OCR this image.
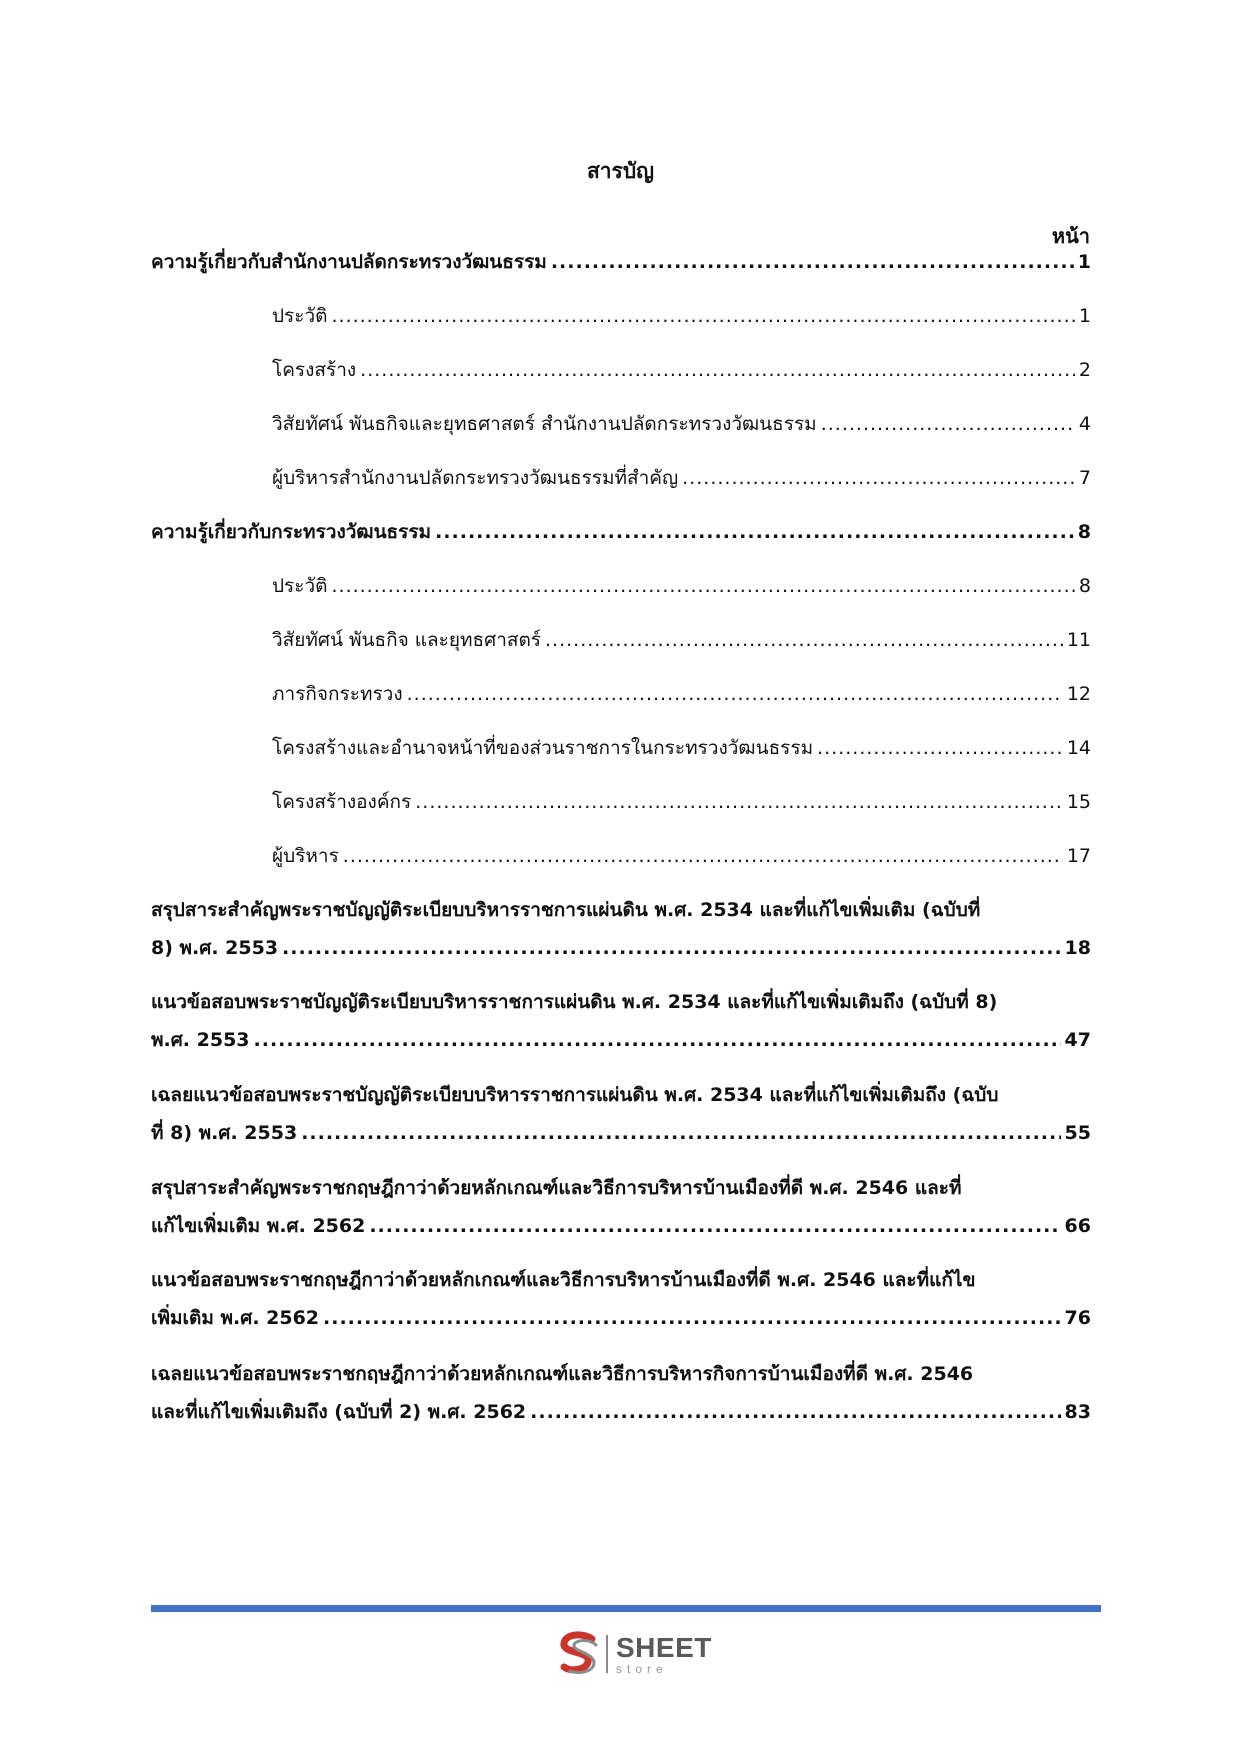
สารบัญ
หน้า
ความรู้เกี่ยวกับสำนักงานปลัดกระทรวงวัฒนธรรม .....	1
ประวัติ .....	1
โครงสร้าง .....	2
วิสัยทัศน์ พันธกิจและยุทธศาสตร์ สำนักงานปลัดกระทรวงวัฒนธรรม .....	4
ผู้บริหารสำนักงานปลัดกระทรวงวัฒนธรรมที่สำคัญ .....	7
ความรู้เกี่ยวกับกระทรวงวัฒนธรรม .....	8
ประวัติ .....	8
วิสัยทัศน์ พันธกิจ และยุทธศาสตร์ .....	11
ภารกิจกระทรวง .....	12
โครงสร้างและอำนาจหน้าที่ของส่วนราชการในกระทรวงวัฒนธรรม .....	14
โครงสร้างองค์กร .....	15
ผู้บริหาร .....	17
สรุปสาระสำคัญพระราชบัญญัติระเบียบบริหารราชการแผ่นดิน พ.ศ. 2534 และที่แก้ไขเพิ่มเติม (ฉบับที่
8) พ.ศ. 2553 .....	18
แนวข้อสอบพระราชบัญญัติระเบียบบริหารราชการแผ่นดิน พ.ศ. 2534 และที่แก้ไขเพิ่มเติมถึง (ฉบับที่ 8)
พ.ศ. 2553 .....	47
เฉลยแนวข้อสอบพระราชบัญญัติระเบียบบริหารราชการแผ่นดิน พ.ศ. 2534 และที่แก้ไขเพิ่มเติมถึง (ฉบับ
ที่ 8) พ.ศ. 2553 .....	55
สรุปสาระสำคัญพระราชกฤษฎีกาว่าด้วยหลักเกณฑ์และวิธีการบริหารบ้านเมืองที่ดี พ.ศ. 2546 และที่
แก้ไขเพิ่มเติม พ.ศ. 2562 .....	66
แนวข้อสอบพระราชกฤษฎีกาว่าด้วยหลักเกณฑ์และวิธีการบริหารบ้านเมืองที่ดี พ.ศ. 2546 และที่แก้ไข
เพิ่มเติม พ.ศ. 2562 .....	76
เฉลยแนวข้อสอบพระราชกฤษฎีกาว่าด้วยหลักเกณฑ์และวิธีการบริหารกิจการบ้านเมืองที่ดี พ.ศ. 2546
และที่แก้ไขเพิ่มเติมถึง (ฉบับที่ 2) พ.ศ. 2562 .....	83
SHEET
store
